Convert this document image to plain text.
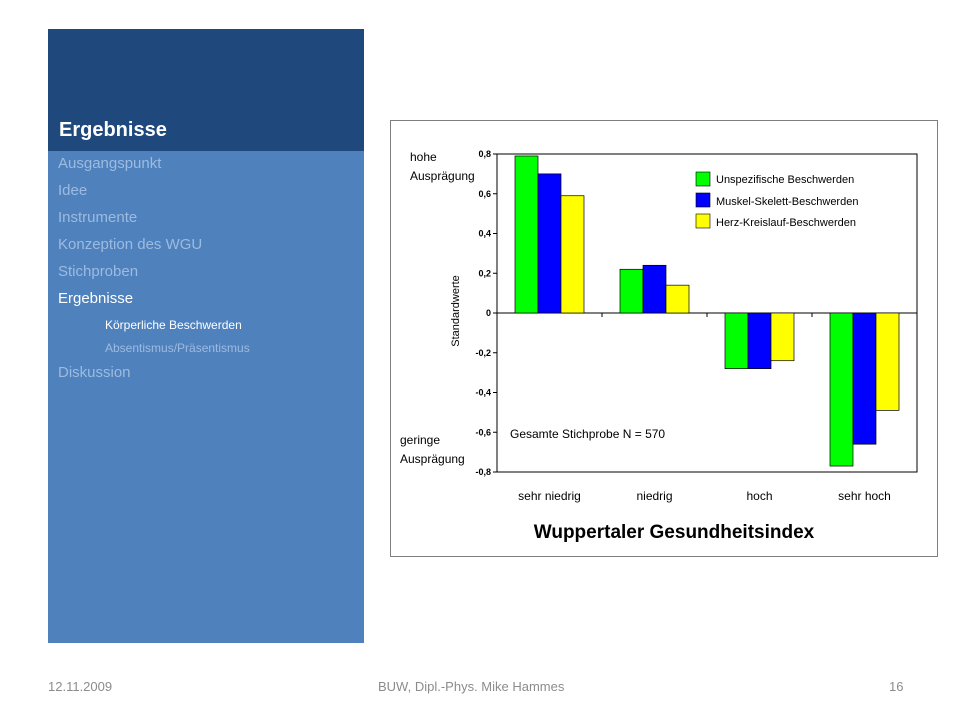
Ergebnisse
Ausgangspunkt
Idee
Instrumente
Konzeption des WGU
Stichproben
Ergebnisse
Körperliche Beschwerden
Absentismus/Präsentismus
Diskussion
0,8
0,6
0,4
0,2
0
-0,2
-0,4
-0,6
-0,8
sehr niedrig	niedrig	hoch	sehr hoch
Standardwerte
hohe
Ausprägung
geringe
Ausprägung
Gesamte Stichprobe N = 570
Unspezifische Beschwerden
Muskel-Skelett-Beschwerden
Herz-Kreislauf-Beschwerden
Wuppertaler Gesundheitsindex
12.11.2009	BUW, Dipl.-Phys. Mike Hammes	16
